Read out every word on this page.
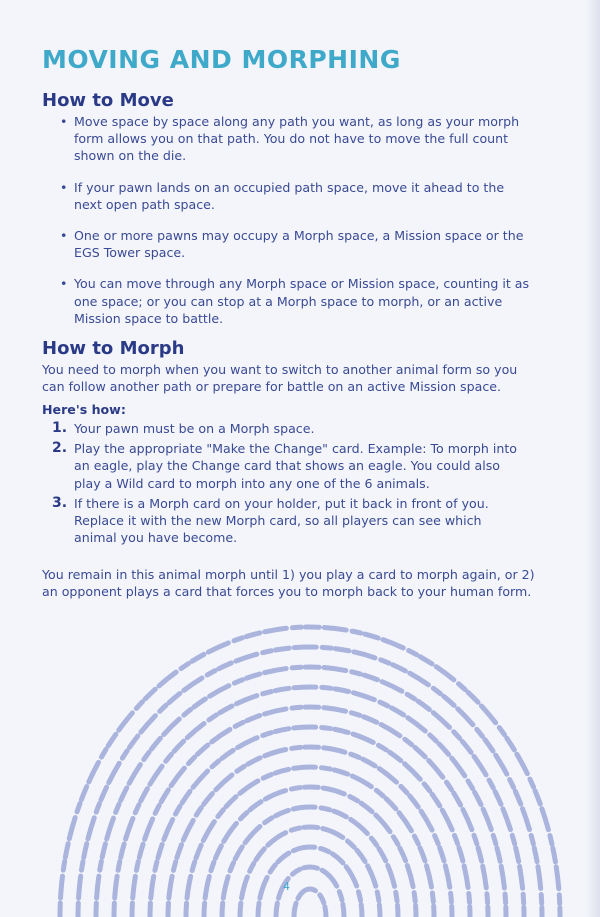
MOVING AND MORPHING
How to Move
• Move space by space along any path you want, as long as your morph form allows you on that path. You do not have to move the full count shown on the die.
• If your pawn lands on an occupied path space, move it ahead to the next open path space.
• One or more pawns may occupy a Morph space, a Mission space or the EGS Tower space.
• You can move through any Morph space or Mission space, counting it as one space; or you can stop at a Morph space to morph, or an active Mission space to battle.
How to Morph
You need to morph when you want to switch to another animal form so you can follow another path or prepare for battle on an active Mission space.
Here's how:
1. Your pawn must be on a Morph space.
2. Play the appropriate "Make the Change" card. Example: To morph into an eagle, play the Change card that shows an eagle. You could also play a Wild card to morph into any one of the 6 animals.
3. If there is a Morph card on your holder, put it back in front of you. Replace it with the new Morph card, so all players can see which animal you have become.
You remain in this animal morph until 1) you play a card to morph again, or 2) an opponent plays a card that forces you to morph back to your human form.
4
